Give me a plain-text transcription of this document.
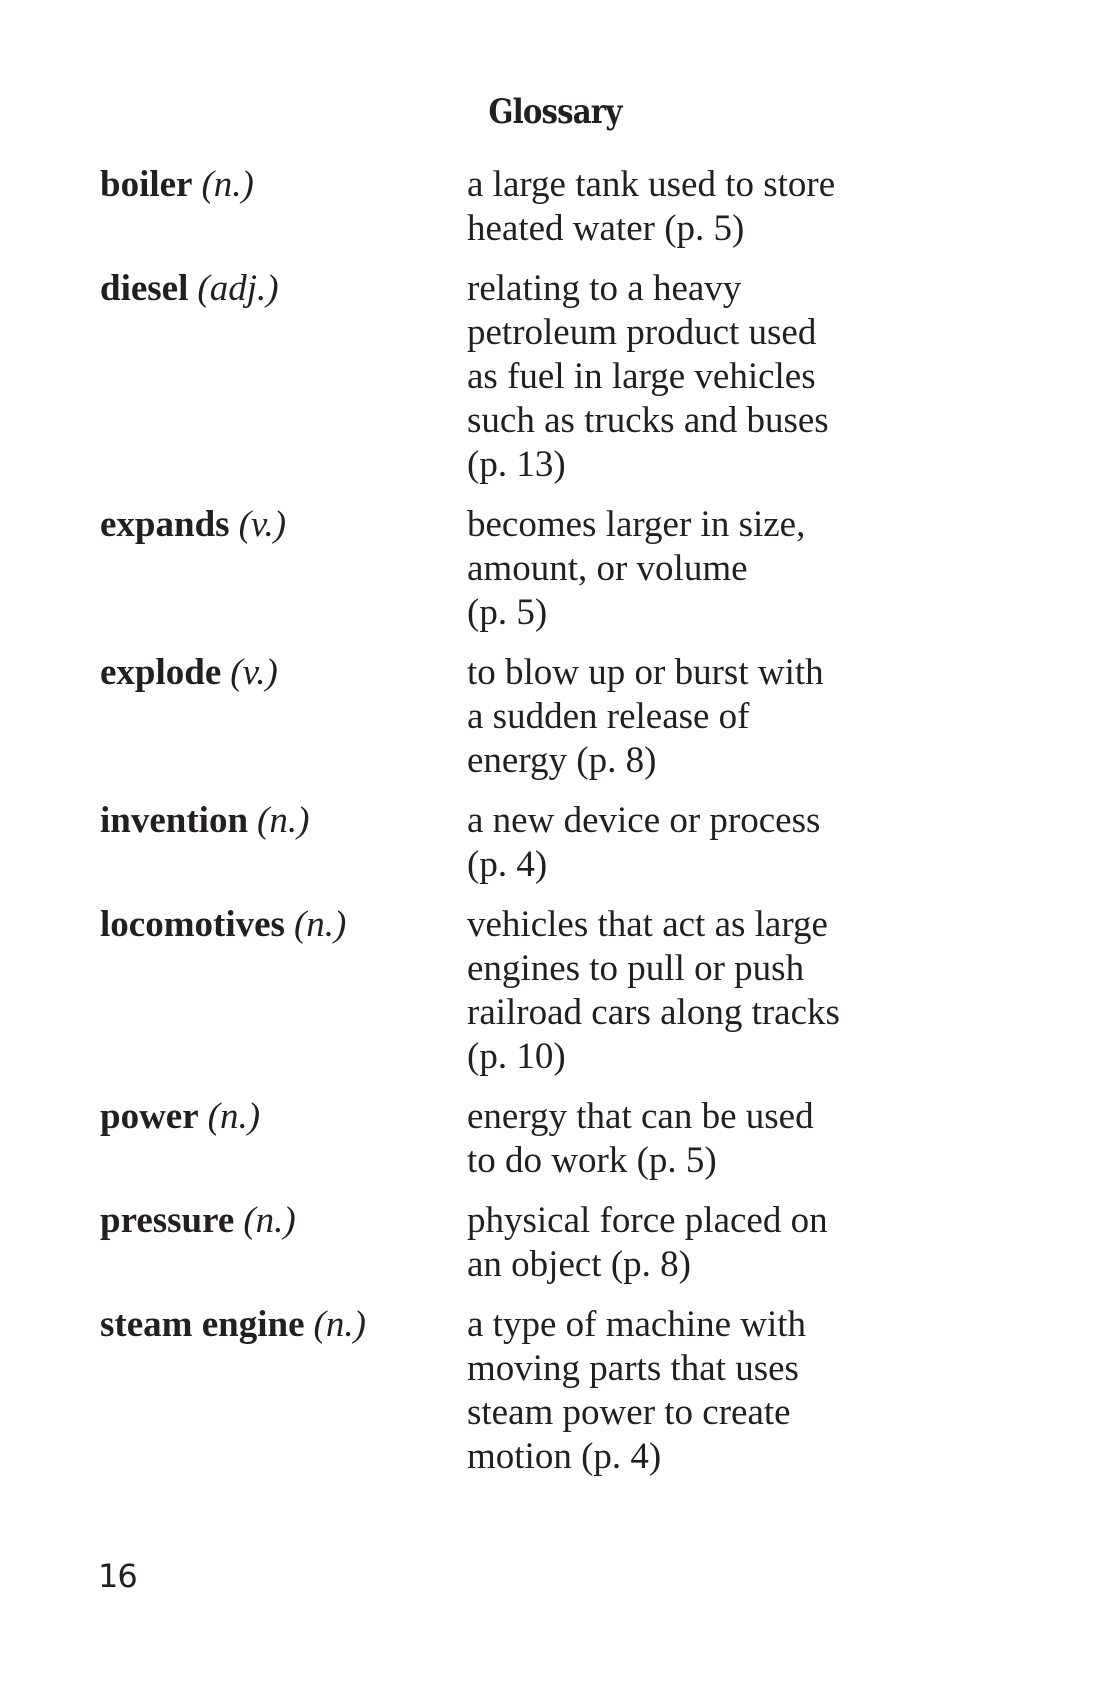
Glossary
boiler (n.)	a large tank used to store
heated water (p. 5)
diesel (adj.)	relating to a heavy
petroleum product used
as fuel in large vehicles
such as trucks and buses
(p. 13)
expands (v.)	becomes larger in size,
amount, or volume
(p. 5)
explode (v.)	to blow up or burst with
a sudden release of
energy (p. 8)
invention (n.)	a new device or process
(p. 4)
locomotives (n.)	vehicles that act as large
engines to pull or push
railroad cars along tracks
(p. 10)
power (n.)	energy that can be used
to do work (p. 5)
pressure (n.)	physical force placed on
an object (p. 8)
steam engine (n.)	a type of machine with
moving parts that uses
steam power to create
motion (p. 4)
16
